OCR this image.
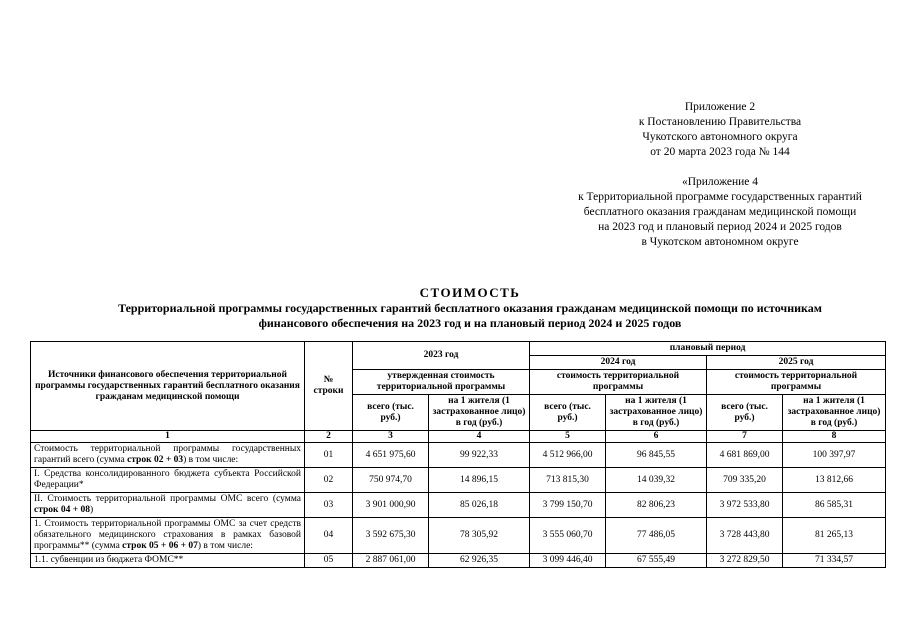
Приложение 2
к Постановлению Правительства
Чукотского автономного округа
от 20 марта 2023 года № 144
«Приложение 4
к Территориальной программе государственных гарантий
бесплатного оказания гражданам медицинской помощи
на 2023 год и плановый период 2024 и 2025 годов
в Чукотском автономном округе
СТОИМОСТЬ
Территориальной программы государственных гарантий бесплатного оказания гражданам медицинской помощи по источникам
финансового обеспечения на 2023 год и на плановый период 2024 и 2025 годов
Источники финансового обеспечения территориальной программы государственных гарантий бесплатного оказания гражданам медицинской помощи	№ строки	2023 год		плановый период			
				2024 год		2025 год	
		утвержденная стоимость территориальной программы		стоимость территориальной программы		стоимость территориальной программы	
		всего (тыс. руб.)	на 1 жителя (1 застрахованное лицо) в год (руб.)	всего (тыс. руб.)	на 1 жителя (1 застрахованное лицо) в год (руб.)	всего (тыс. руб.)	на 1 жителя (1 застрахованное лицо) в год (руб.)
1	2	3	4	5	6	7	8
Стоимость территориальной программы государственных гарантий всего (сумма строк 02 + 03) в том числе:	01	4 651 975,60	99 922,33	4 512 966,00	96 845,55	4 681 869,00	100 397,97
I. Средства консолидированного бюджета субъекта Российской Федерации*	02	750 974,70	14 896,15	713 815,30	14 039,32	709 335,20	13 812,66
II. Стоимость территориальной программы ОМС всего (сумма строк 04 + 08)	03	3 901 000,90	85 026,18	3 799 150,70	82 806,23	3 972 533,80	86 585,31
1. Стоимость территориальной программы ОМС за счет средств обязательного медицинского страхования в рамках базовой программы** (сумма строк 05 + 06 + 07) в том числе:	04	3 592 675,30	78 305,92	3 555 060,70	77 486,05	3 728 443,80	81 265,13
1.1. субвенции из бюджета ФОМС**	05	2 887 061,00	62 926,35	3 099 446,40	67 555,49	3 272 829,50	71 334,57
